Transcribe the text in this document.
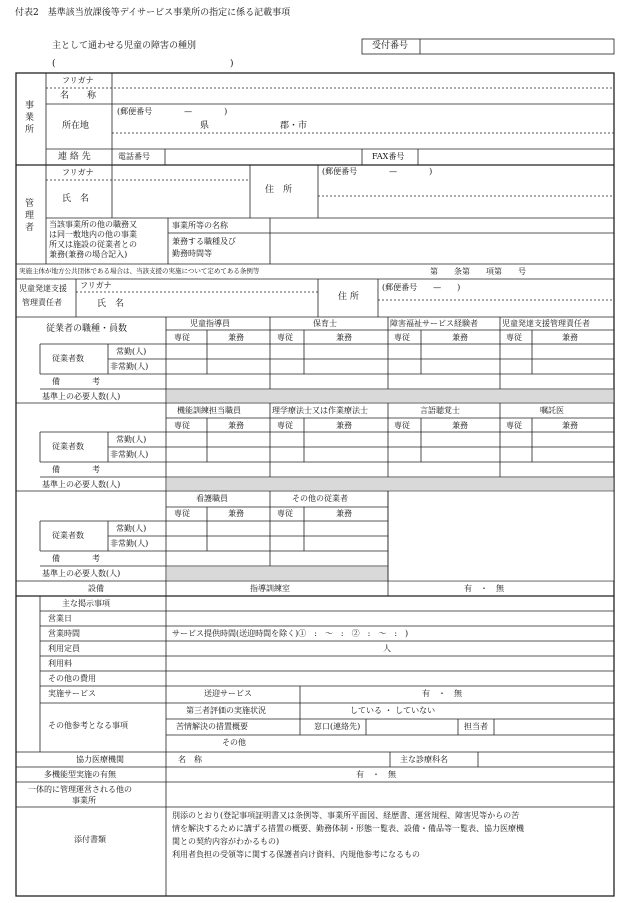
付表2　基準該当放課後等デイサービス事業所の指定に係る記載事項
主として通わせる児童の障害の種別
(	)
受付番号
事
業
所
フリガナ
名　　称
所在地
(郵便番号　　　　—　　　　)
県	郡・市
連 絡 先	電話番号	FAX番号
管
理
者
フリガナ
氏　名
住　所
(郵便番号　　　　—　　　　)
当該事業所の他の職務又
は同一敷地内の他の事業
所又は施設の従業者との
兼務(兼務の場合記入)
事業所等の名称
兼務する職種及び
勤務時間等
実施主体が地方公共団体である場合は、当該支援の実施について定めてある条例等	第　　条第　　項第　　号
児童発達支援
管理責任者
フリガナ
氏　名
住 所
(郵便番号　　—　　)
従業者の職種・員数
児童指導員	保育士	障害福祉サービス経験者	児童発達支援管理責任者
専従	兼務	専従	兼務	専従	兼務	専従	兼務
従業者数
常勤(人)
非常勤(人)
備　　　　考
基準上の必要人数(人)
機能訓練担当職員	理学療法士又は作業療法士	言語聴覚士	嘱託医
専従	兼務	専従	兼務	専従	兼務	専従	兼務
従業者数
常勤(人)
非常勤(人)
備　　　　考
基準上の必要人数(人)
看護職員	その他の従業者
専従	兼務	専従	兼務
従業者数
常勤(人)
非常勤(人)
備　　　　考
基準上の必要人数(人)
設備	指導訓練室	有　・　無
主な掲示事項
営業日
営業時間	サービス提供時間(送迎時間を除く)①　:　～　:　②　:　～　:　)
利用定員	人
利用料
その他の費用
実施サービス	送迎サービス	有　・　無
その他参考となる事項
第三者評価の実施状況	している ・ していない
苦情解決の措置概要	窓口(連絡先)	担当者
その他
協力医療機関	名　称	主な診療科名
多機能型実施の有無	有　・　無
一体的に管理運営される他の
事業所
添付書類
別添のとおり(登記事項証明書又は条例等、事業所平面図、経歴書、運営規程、障害児等からの苦
情を解決するために講ずる措置の概要、勤務体制・形態一覧表、設備・備品等一覧表、協力医療機
関との契約内容がわかるもの)
利用者負担の受領等に関する保護者向け資料、内規他参考になるもの
